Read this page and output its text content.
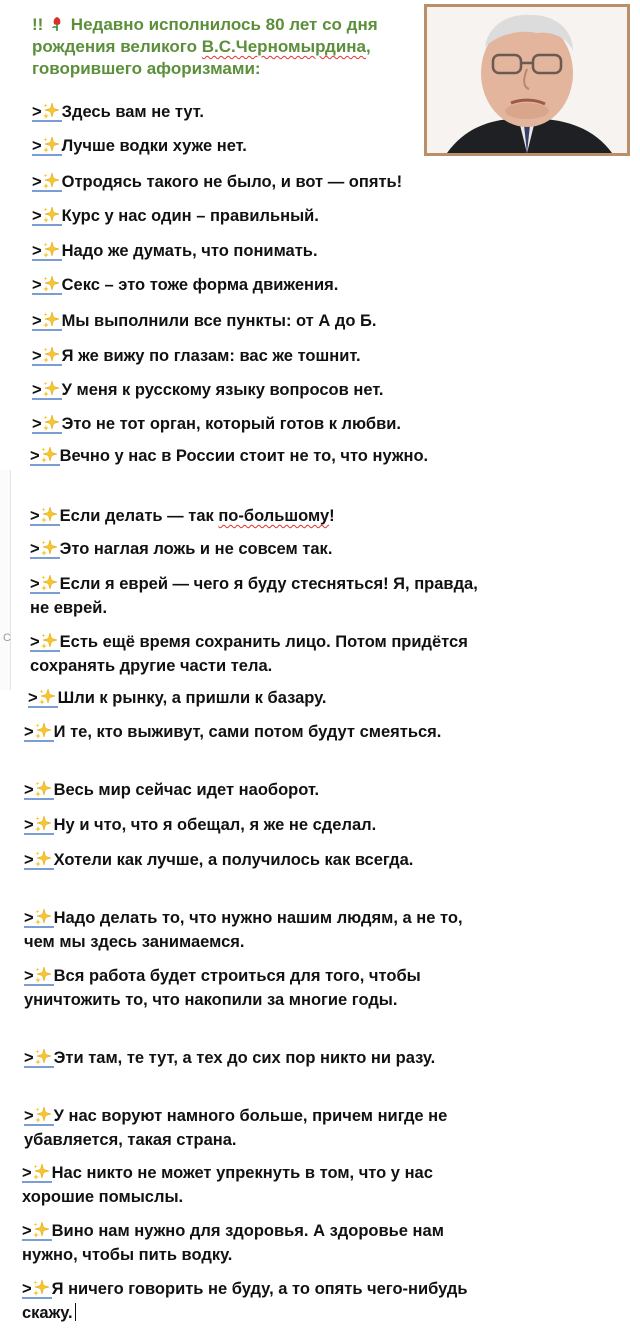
!! Недавно исполнилось 80 лет со дня рождения великого В.С.Черномырдина, говорившего афоризмами:
C
> Здесь вам не тут.
> Лучше водки хуже нет.
> Отродясь такого не было, и вот — опять!
> Курс у нас один – правильный.
> Надо же думать, что понимать.
> Секс – это тоже форма движения.
> Мы выполнили все пункты: от А до Б.
> Я же вижу по глазам: вас же тошнит.
> У меня к русскому языку вопросов нет.
> Это не тот орган, который готов к любви.
> Вечно у нас в России стоит не то, что нужно.
> Если делать — так по-большому!
> Это наглая ложь и не совсем так.
> Если я еврей — чего я буду стесняться! Я, правда, не еврей.
> Есть ещё время сохранить лицо. Потом придётся сохранять другие части тела.
> Шли к рынку, а пришли к базару.
> И те, кто выживут, сами потом будут смеяться.
> Весь мир сейчас идет наоборот.
> Ну и что, что я обещал, я же не сделал.
> Хотели как лучше, а получилось как всегда.
> Надо делать то, что нужно нашим людям, а не то, чем мы здесь занимаемся.
> Вся работа будет строиться для того, чтобы уничтожить то, что накопили за многие годы.
> Эти там, те тут, а тех до сих пор никто ни разу.
> У нас воруют намного больше, причем нигде не убавляется, такая страна.
> Нас никто не может упрекнуть в том, что у нас хорошие помыслы.
> Вино нам нужно для здоровья. А здоровье нам нужно, чтобы пить водку.
> Я ничего говорить не буду, а то опять чего-нибудь скажу.
